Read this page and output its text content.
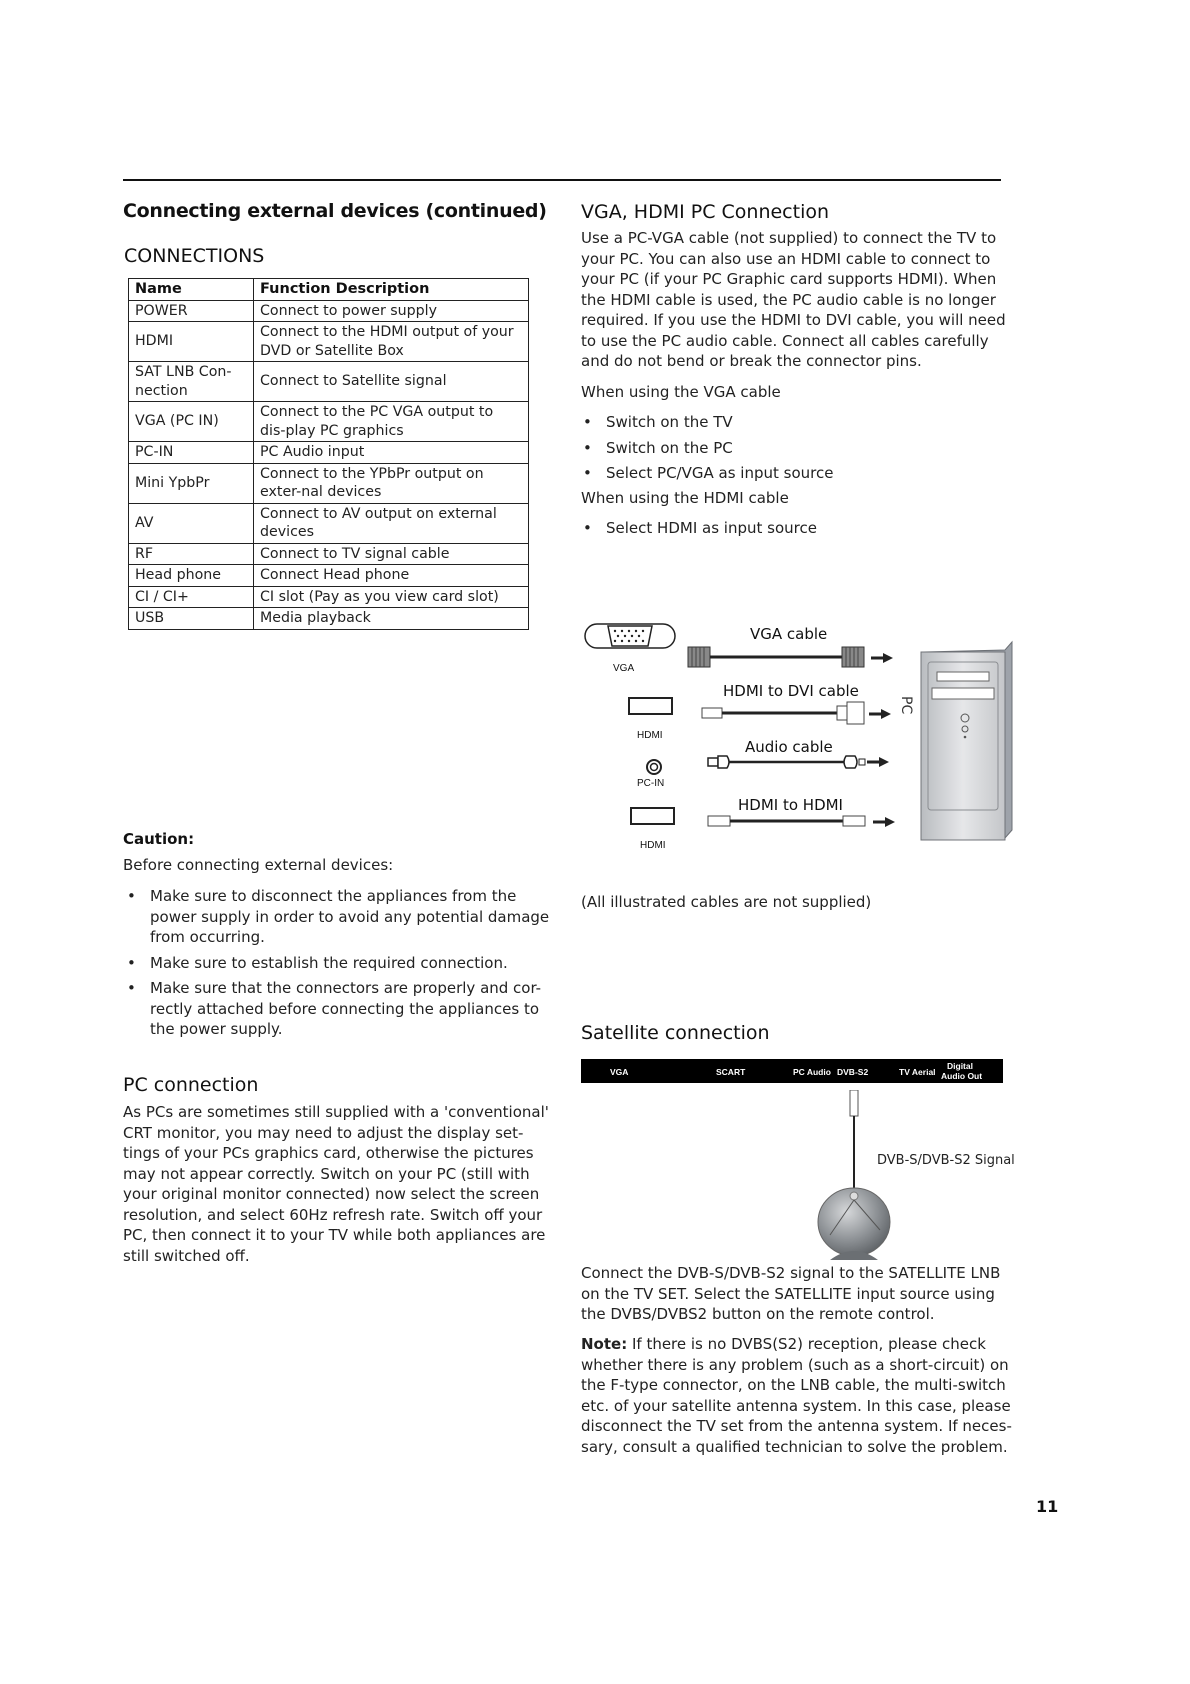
Connecting external devices (continued)
CONNECTIONS
Name	Function Description
POWER	Connect to power supply
HDMI	Connect to the HDMI output of your DVD or Satellite Box
SAT LNB Con-nection	Connect to Satellite signal
VGA (PC IN)	Connect to the PC VGA output to dis-play PC graphics
PC-IN	PC Audio input
Mini YpbPr	Connect to the YPbPr output on exter-nal devices
AV	Connect to AV output on external devices
RF	Connect to TV signal cable
Head phone	Connect Head phone
CI / CI+	CI slot (Pay as you view card slot)
USB	Media playback
Caution:
Before connecting external devices:
• Make sure to disconnect the appliances from the power supply in order to avoid any potential damage from occurring.
• Make sure to establish the required connection.
• Make sure that the connectors are properly and cor-rectly attached before connecting the appliances to the power supply.
PC connection
As PCs are sometimes still supplied with a 'conventional' CRT monitor, you may need to adjust the display set-tings of your PCs graphics card, otherwise the pictures may not appear correctly. Switch on your PC (still with your original monitor connected) now select the screen resolution, and select 60Hz refresh rate. Switch off your PC, then connect it to your TV while both appliances are still switched off.
VGA, HDMI PC Connection
Use a PC-VGA cable (not supplied) to connect the TV to your PC. You can also use an HDMI cable to connect to your PC (if your PC Graphic card supports HDMI). When the HDMI cable is used, the PC audio cable is no longer required. If you use the HDMI to DVI cable, you will need to use the PC audio cable. Connect all cables carefully and do not bend or break the connector pins.
When using the VGA cable
• Switch on the TV
• Switch on the PC
• Select PC/VGA as input source
When using the HDMI cable
• Select HDMI as input source
VGA
HDMI
PC-IN
HDMI
VGA cable
HDMI to DVI cable
Audio cable
HDMI to HDMI
PC
(All illustrated cables are not supplied)
Satellite connection
VGA	SCART	PC Audio DVB-S2	TV Aerial
Digital
Audio Out
DVB-S/DVB-S2 Signal
Connect the DVB-S/DVB-S2 signal to the SATELLITE LNB on the TV SET. Select the SATELLITE input source using the DVBS/DVBS2 button on the remote control.
Note: If there is no DVBS(S2) reception, please check whether there is any problem (such as a short-circuit) on the F-type connector, on the LNB cable, the multi-switch etc. of your satellite antenna system. In this case, please disconnect the TV set from the antenna system. If neces-sary, consult a qualified technician to solve the problem.
11
